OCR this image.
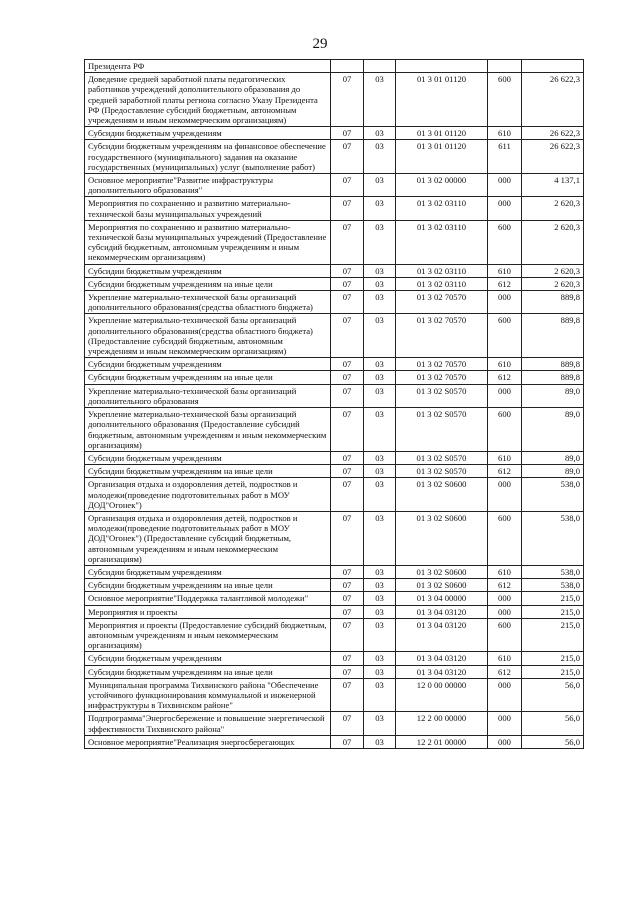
29
Президента РФ					
Доведение средней заработной платы педагогических работников учреждений дополнительного образования до средней заработной платы региона согласно Указу Президента РФ (Предоставление субсидий бюджетным, автономным учреждениям и иным некоммерческим организациям)	07	03	01 3 01 01120	600	26 622,3
Субсидии бюджетным учреждениям	07	03	01 3 01 01120	610	26 622,3
Субсидии бюджетным учреждениям на финансовое обеспечение государственного (муниципального) задания на оказание государственных (муниципальных) услуг (выполнение работ)	07	03	01 3 01 01120	611	26 622,3
Основное мероприятие"Развитие инфраструктуры дополнительного образования"	07	03	01 3 02 00000	000	4 137,1
Мероприятия по сохранению и развитию материально-технической базы муниципальных учреждений	07	03	01 3 02 03110	000	2 620,3
Мероприятия по сохранению и развитию материально-технической базы муниципальных учреждений (Предоставление субсидий бюджетным, автономным учреждениям и иным некоммерческим организациям)	07	03	01 3 02 03110	600	2 620,3
Субсидии бюджетным учреждениям	07	03	01 3 02 03110	610	2 620,3
Субсидии бюджетным учреждениям на иные цели	07	03	01 3 02 03110	612	2 620,3
Укрепление материально-технической базы организаций дополнительного образования(средства областного бюджета)	07	03	01 3 02 70570	000	889,8
Укрепление материально-технической базы организаций дополнительного образования(средства областного бюджета) (Предоставление субсидий бюджетным, автономным учреждениям и иным некоммерческим организациям)	07	03	01 3 02 70570	600	889,8
Субсидии бюджетным учреждениям	07	03	01 3 02 70570	610	889,8
Субсидии бюджетным учреждениям на иные цели	07	03	01 3 02 70570	612	889,8
Укрепление материально-технической базы организаций дополнительного образования	07	03	01 3 02 S0570	000	89,0
Укрепление материально-технической базы организаций дополнительного образования (Предоставление субсидий бюджетным, автономным учреждениям и иным некоммерческим организациям)	07	03	01 3 02 S0570	600	89,0
Субсидии бюджетным учреждениям	07	03	01 3 02 S0570	610	89,0
Субсидии бюджетным учреждениям на иные цели	07	03	01 3 02 S0570	612	89,0
Организация отдыха и оздоровления детей, подростков и молодежи(проведение подготовительных работ в МОУ ДОД"Огонек")	07	03	01 3 02 S0600	000	538,0
Организация отдыха и оздоровления детей, подростков и молодежи(проведение подготовительных работ в МОУ ДОД"Огонек") (Предоставление субсидий бюджетным, автономным учреждениям и иным некоммерческим организациям)	07	03	01 3 02 S0600	600	538,0
Субсидии бюджетным учреждениям	07	03	01 3 02 S0600	610	538,0
Субсидии бюджетным учреждениям на иные цели	07	03	01 3 02 S0600	612	538,0
Основное мероприятие"Поддержка талантливой молодежи"	07	03	01 3 04 00000	000	215,0
Мероприятия и проекты	07	03	01 3 04 03120	000	215,0
Мероприятия и проекты (Предоставление субсидий бюджетным, автономным учреждениям и иным некоммерческим организациям)	07	03	01 3 04 03120	600	215,0
Субсидии бюджетным учреждениям	07	03	01 3 04 03120	610	215,0
Субсидии бюджетным учреждениям на иные цели	07	03	01 3 04 03120	612	215,0
Муниципальная программа Тихвинского района "Обеспечение устойчивого функционирования коммунальной и инженерной инфраструктуры в Тихвинском районе"	07	03	12 0 00 00000	000	56,0
Подпрограмма"Энергосбережение и повышение энергетической эффективности Тихвинского района"	07	03	12 2 00 00000	000	56,0
Основное мероприятие"Реализация энергосберегающих	07	03	12 2 01 00000	000	56,0
